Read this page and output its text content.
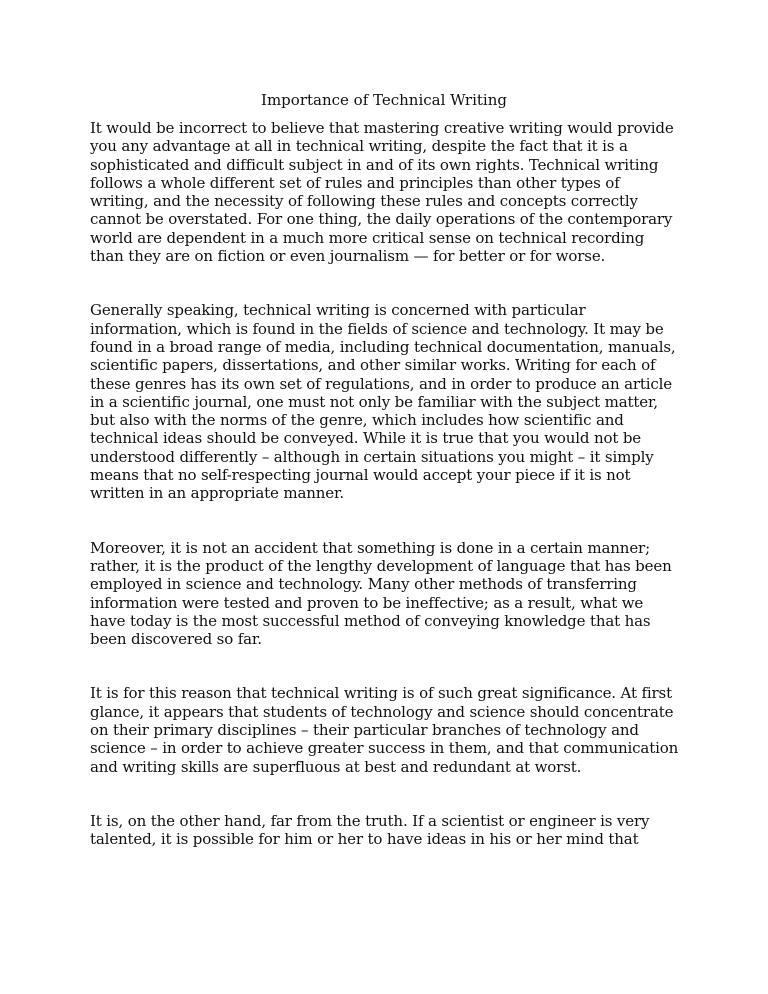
Importance of Technical Writing

It would be incorrect to believe that mastering creative writing would provide you any advantage at all in technical writing, despite the fact that it is a sophisticated and difficult subject in and of its own rights. Technical writing follows a whole different set of rules and principles than other types of writing, and the necessity of following these rules and concepts correctly cannot be overstated. For one thing, the daily operations of the contemporary world are dependent in a much more critical sense on technical recording than they are on fiction or even journalism — for better or for worse.

Generally speaking, technical writing is concerned with particular information, which is found in the fields of science and technology. It may be found in a broad range of media, including technical documentation, manuals, scientific papers, dissertations, and other similar works. Writing for each of these genres has its own set of regulations, and in order to produce an article in a scientific journal, one must not only be familiar with the subject matter, but also with the norms of the genre, which includes how scientific and technical ideas should be conveyed. While it is true that you would not be understood differently – although in certain situations you might – it simply means that no self-respecting journal would accept your piece if it is not written in an appropriate manner.

Moreover, it is not an accident that something is done in a certain manner; rather, it is the product of the lengthy development of language that has been employed in science and technology. Many other methods of transferring information were tested and proven to be ineffective; as a result, what we have today is the most successful method of conveying knowledge that has been discovered so far.

It is for this reason that technical writing is of such great significance. At first glance, it appears that students of technology and science should concentrate on their primary disciplines – their particular branches of technology and science – in order to achieve greater success in them, and that communication and writing skills are superfluous at best and redundant at worst.

It is, on the other hand, far from the truth. If a scientist or engineer is very talented, it is possible for him or her to have ideas in his or her mind that
